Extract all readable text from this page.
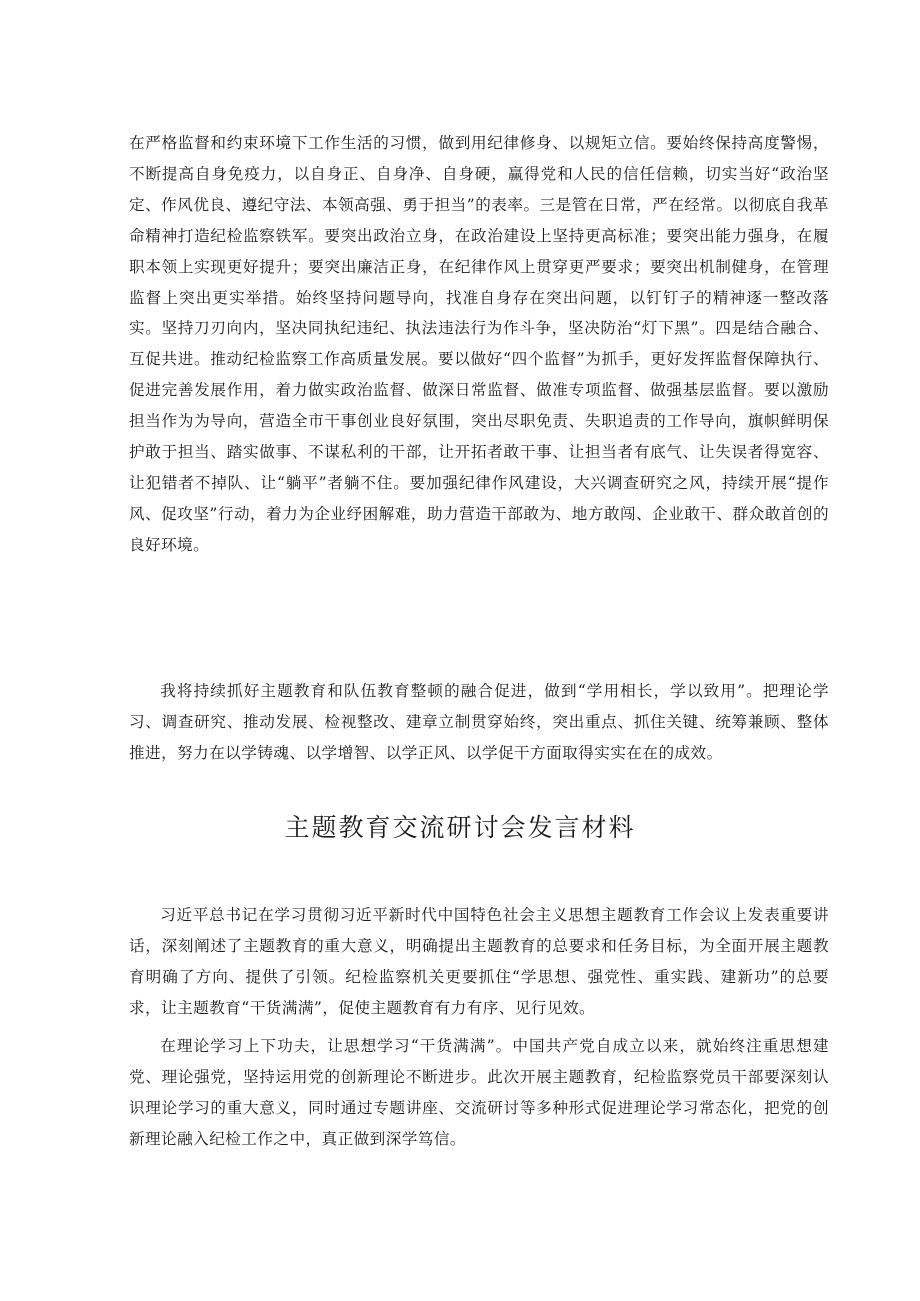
在严格监督和约束环境下工作生活的习惯，做到用纪律修身、以规矩立信。要始终保持高度警惕，不断提高自身免疫力，以自身正、自身净、自身硬，赢得党和人民的信任信赖，切实当好“政治坚定、作风优良、遵纪守法、本领高强、勇于担当”的表率。三是管在日常，严在经常。以彻底自我革命精神打造纪检监察铁军。要突出政治立身，在政治建设上坚持更高标准；要突出能力强身，在履职本领上实现更好提升；要突出廉洁正身，在纪律作风上贯穿更严要求；要突出机制健身，在管理监督上突出更实举措。始终坚持问题导向，找准自身存在突出问题，以钉钉子的精神逐一整改落实。坚持刀刃向内，坚决同执纪违纪、执法违法行为作斗争，坚决防治“灯下黑”。四是结合融合、互促共进。推动纪检监察工作高质量发展。要以做好“四个监督”为抓手，更好发挥监督保障执行、促进完善发展作用，着力做实政治监督、做深日常监督、做准专项监督、做强基层监督。要以激励担当作为为导向，营造全市干事创业良好氛围，突出尽职免责、失职追责的工作导向，旗帜鲜明保护敢于担当、踏实做事、不谋私利的干部，让开拓者敢干事、让担当者有底气、让失误者得宽容、让犯错者不掉队、让“躺平”者躺不住。要加强纪律作风建设，大兴调查研究之风，持续开展“提作风、促攻坚”行动，着力为企业纾困解难，助力营造干部敢为、地方敢闯、企业敢干、群众敢首创的良好环境。

我将持续抓好主题教育和队伍教育整顿的融合促进，做到“学用相长，学以致用”。把理论学习、调查研究、推动发展、检视整改、建章立制贯穿始终，突出重点、抓住关键、统筹兼顾、整体推进，努力在以学铸魂、以学增智、以学正风、以学促干方面取得实实在在的成效。

主题教育交流研讨会发言材料

习近平总书记在学习贯彻习近平新时代中国特色社会主义思想主题教育工作会议上发表重要讲话，深刻阐述了主题教育的重大意义，明确提出主题教育的总要求和任务目标，为全面开展主题教育明确了方向、提供了引领。纪检监察机关更要抓住“学思想、强党性、重实践、建新功”的总要求，让主题教育“干货满满”，促使主题教育有力有序、见行见效。

在理论学习上下功夫，让思想学习“干货满满”。中国共产党自成立以来，就始终注重思想建党、理论强党，坚持运用党的创新理论不断进步。此次开展主题教育，纪检监察党员干部要深刻认识理论学习的重大意义，同时通过专题讲座、交流研讨等多种形式促进理论学习常态化，把党的创新理论融入纪检工作之中，真正做到深学笃信。
